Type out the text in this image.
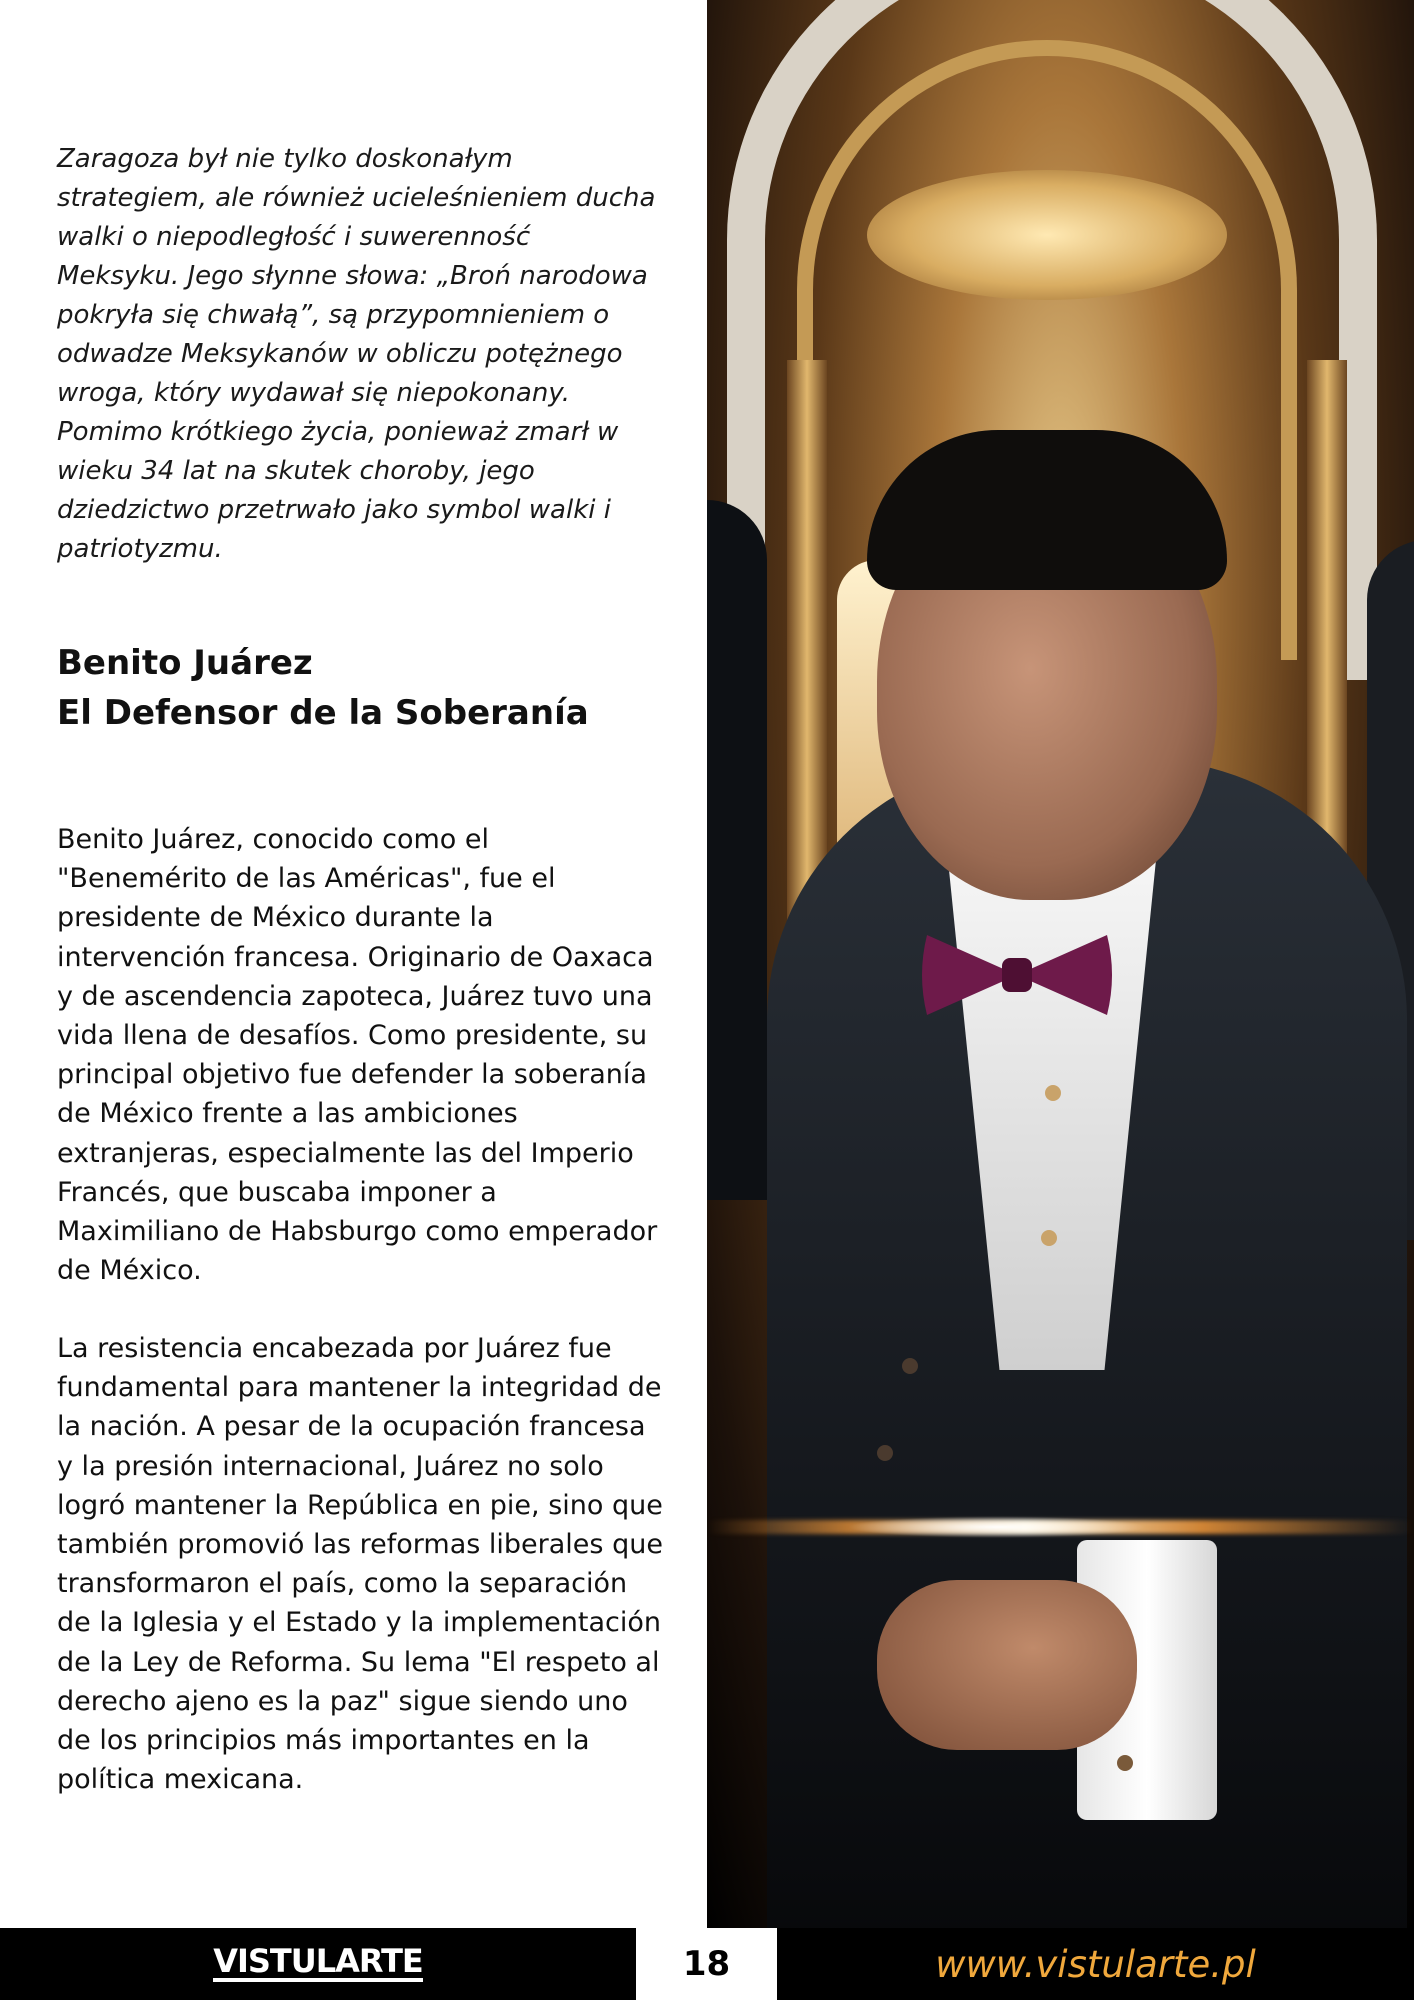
Zaragoza był nie tylko doskonałym strategiem, ale również ucieleśnieniem ducha walki o niepodległość i suwerenność Meksyku. Jego słynne słowa: „Broń narodowa pokryła się chwałą”, są przypomnieniem o odwadze Meksykanów w obliczu potężnego wroga, który wydawał się niepokonany. Pomimo krótkiego życia, ponieważ zmarł w wieku 34 lat na skutek choroby, jego dziedzictwo przetrwało jako symbol walki i patriotyzmu.

Benito Juárez
El Defensor de la Soberanía

Benito Juárez, conocido como el "Benemérito de las Américas", fue el presidente de México durante la intervención francesa. Originario de Oaxaca y de ascendencia zapoteca, Juárez tuvo una vida llena de desafíos. Como presidente, su principal objetivo fue defender la soberanía de México frente a las ambiciones extranjeras, especialmente las del Imperio Francés, que buscaba imponer a Maximiliano de Habsburgo como emperador de México.

La resistencia encabezada por Juárez fue fundamental para mantener la integridad de la nación. A pesar de la ocupación francesa y la presión internacional, Juárez no solo logró mantener la República en pie, sino que también promovió las reformas liberales que transformaron el país, como la separación de la Iglesia y el Estado y la implementación de la Ley de Reforma. Su lema "El respeto al derecho ajeno es la paz" sigue siendo uno de los principios más importantes en la política mexicana.

VISTULARTE	18	www.vistularte.pl
